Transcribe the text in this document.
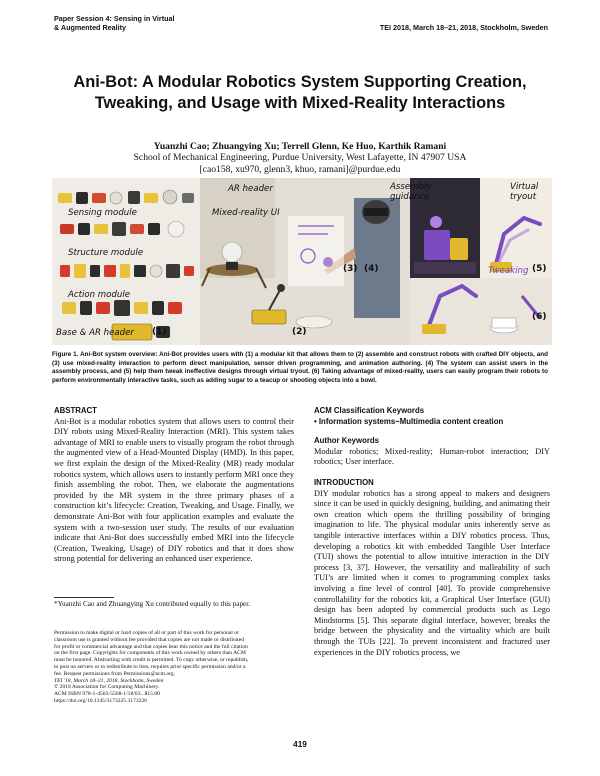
Paper Session 4: Sensing in Virtual
& Augmented Reality	TEI 2018, March 18–21, 2018, Stockholm, Sweden
Ani-Bot: A Modular Robotics System Supporting Creation,
Tweaking, and Usage with Mixed-Reality Interactions
Yuanzhi Cao; Zhuangying Xu; Terrell Glenn, Ke Huo, Karthik Ramani
School of Mechanical Engineering, Purdue University, West Lafayette, IN 47907 USA
[cao158, xu970, glenn3, khuo, ramani]@purdue.edu
Sensing module
Structure module
Action module
Base & AR header (1)
AR header
Mixed-reality UI
(2)
(3)
Assembly guidance
(4)
Virtual tryout
Tweaking (5)
(6)
Figure 1. Ani-Bot system overview: Ani-Bot provides users with (1) a modular kit that allows them to (2) assemble and construct robots with crafted DIY objects, and (3) use mixed-reality interaction to perform direct manipulation, sensor driven programming, and animation authoring. (4) The system can assist users in the assembly process, and (5) help them tweak ineffective designs through virtual tryout. (6) Taking advantage of mixed-reality, users can easily program their robots to perform environmentally interactive tasks, such as adding sugar to a teacup or shooting objects into a bowl.
ABSTRACT
Ani-Bot is a modular robotics system that allows users to control their DIY robots using Mixed-Reality Interaction (MRI). This system takes advantage of MRI to enable users to visually program the robot through the augmented view of a Head-Mounted Display (HMD). In this paper, we first explain the design of the Mixed-Reality (MR) ready modular robotics system, which allows users to instantly perform MRI once they finish assembling the robot. Then, we elaborate the augmentations provided by the MR system in the three primary phases of a construction kit’s lifecycle: Creation, Tweaking, and Usage. Finally, we demonstrate Ani-Bot with four application examples and evaluate the system with a two-session user study. The results of our evaluation indicate that Ani-Bot does successfully embed MRI into the lifecycle (Creation, Tweaking, Usage) of DIY robotics and that it does show strong potential for delivering an enhanced user experience.
*Yuanzhi Cao and Zhuangying Xu contributed equally to this paper.
Permission to make digital or hard copies of all or part of this work for personal or classroom use is granted without fee provided that copies are not made or distributed for profit or commercial advantage and that copies bear this notice and the full citation on the first page. Copyrights for components of this work owned by others than ACM must be honored. Abstracting with credit is permitted. To copy otherwise, or republish, to post on servers or to redistribute to lists, requires prior specific permission and/or a fee. Request permissions from Permissions@acm.org.
TEI '18, March 18–21, 2018, Stockholm, Sweden
© 2018 Association for Computing Machinery.
ACM ISBN 978-1-4503-5568-1/18/03...$15.00
https://doi.org/10.1145/3173225.3173226
ACM Classification Keywords
• Information systems~Multimedia content creation
Author Keywords
Modular robotics; Mixed-reality; Human-robot interaction; DIY robotics; User interface.
INTRODUCTION
DIY modular robotics has a strong appeal to makers and designers since it can be used in quickly designing, building, and animating their own creation which opens the thrilling possibility of bringing imagination to life. The physical modular units inherently serve as tangible interactive interfaces within a DIY robotics process. Thus, developing a robotics kit with embedded Tangible User Interface (TUI) shows the potential to allow intuitive interaction in the DIY process [3, 37]. However, the versatility and malleability of such TUI’s are limited when it comes to programming complex tasks involving a fine level of control [40]. To provide comprehensive controllability for the robotics kit, a Graphical User Interface (GUI) design has been adopted by commercial products such as Lego Mindstorms [5]. This separate digital interface, however, breaks the bridge between the physicality and the virtuality which are built through the TUIs [22]. To prevent inconsistent and fractured user experiences in the DIY robotics process, we
419
